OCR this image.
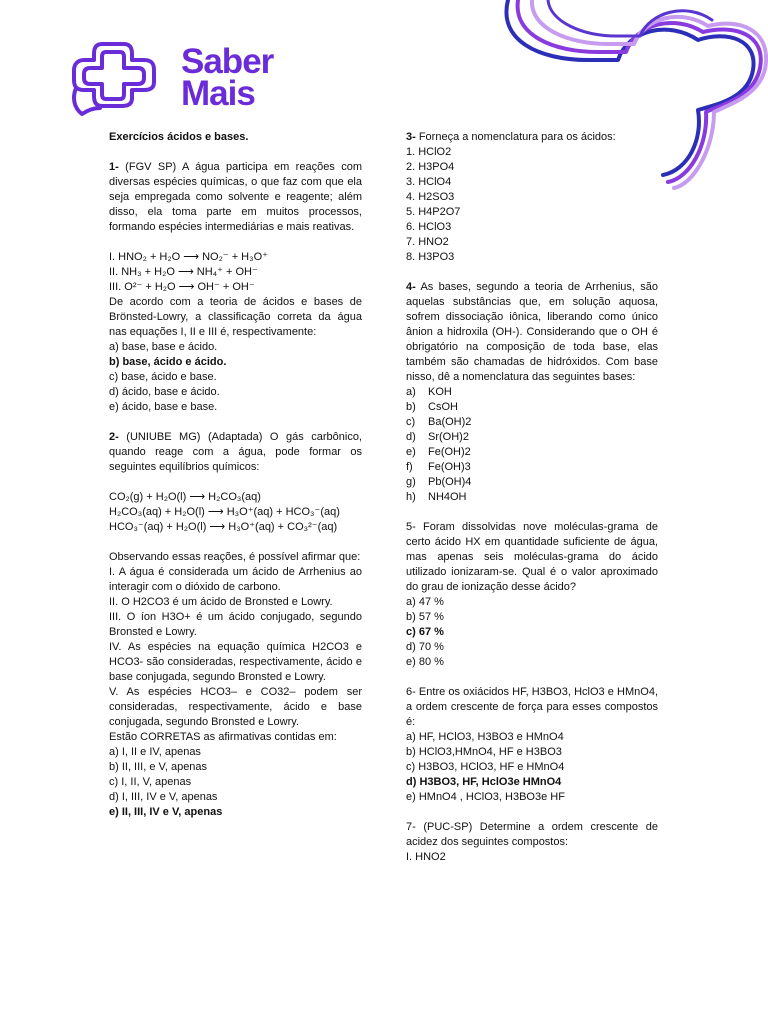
Saber
Mais
Exercícios ácidos e bases.
1- (FGV SP) A água participa em reações com diversas espécies químicas, o que faz com que ela seja empregada como solvente e reagente; além disso, ela toma parte em muitos processos, formando espécies intermediárias e mais reativas.
I. HNO₂ + H₂O ⟶ NO₂⁻ + H₃O⁺
II. NH₃ + H₂O ⟶ NH₄⁺ + OH⁻
III. O²⁻ + H₂O ⟶ OH⁻ + OH⁻
De acordo com a teoria de ácidos e bases de Brönsted-Lowry, a classificação correta da água nas equações I, II e III é, respectivamente:
a) base, base e ácido.
b) base, ácido e ácido.
c) base, ácido e base.
d) ácido, base e ácido.
e) ácido, base e base.
2- (UNIUBE MG) (Adaptada) O gás carbônico, quando reage com a água, pode formar os seguintes equilíbrios químicos:
CO₂(g) + H₂O(l) ⟶ H₂CO₃(aq)
H₂CO₃(aq) + H₂O(l) ⟶ H₃O⁺(aq) + HCO₃⁻(aq)
HCO₃⁻(aq) + H₂O(l) ⟶ H₃O⁺(aq) + CO₃²⁻(aq)
Observando essas reações, é possível afirmar que:
I. A água é considerada um ácido de Arrhenius ao interagir com o dióxido de carbono.
II. O H2CO3 é um ácido de Bronsted e Lowry.
III. O íon H3O+ é um ácido conjugado, segundo Bronsted e Lowry.
IV. As espécies na equação química H2CO3 e HCO3- são consideradas, respectivamente, ácido e base conjugada, segundo Bronsted e Lowry.
V. As espécies HCO3– e CO32– podem ser consideradas, respectivamente, ácido e base conjugada, segundo Bronsted e Lowry.
Estão CORRETAS as afirmativas contidas em:
a) I, II e IV, apenas
b) II, III, e V, apenas
c) I, II, V, apenas
d) I, III, IV e V, apenas
e) II, III, IV e V, apenas
3- Forneça a nomenclatura para os ácidos:
1. HClO2
2. H3PO4
3. HClO4
4. H2SO3
5. H4P2O7
6. HClO3
7. HNO2
8. H3PO3
4- As bases, segundo a teoria de Arrhenius, são aquelas substâncias que, em solução aquosa, sofrem dissociação iônica, liberando como único ânion a hidroxila (OH-). Considerando que o OH é obrigatório na composição de toda base, elas também são chamadas de hidróxidos. Com base nisso, dê a nomenclatura das seguintes bases:
a)	KOH
b)	CsOH
c)	Ba(OH)2
d)	Sr(OH)2
e)	Fe(OH)2
f)	Fe(OH)3
g)	Pb(OH)4
h)	NH4OH
5- Foram dissolvidas nove moléculas-grama de certo ácido HX em quantidade suficiente de água, mas apenas seis moléculas-grama do ácido utilizado ionizaram-se. Qual é o valor aproximado do grau de ionização desse ácido?
a) 47 %
b) 57 %
c) 67 %
d) 70 %
e) 80 %
6- Entre os oxiácidos HF, H3BO3, HclO3 e HMnO4, a ordem crescente de força para esses compostos é:
a) HF, HClO3, H3BO3 e HMnO4
b) HClO3,HMnO4, HF e H3BO3
c) H3BO3, HClO3, HF e HMnO4
d) H3BO3, HF, HclO3e HMnO4
e) HMnO4 , HClO3, H3BO3e HF
7- (PUC-SP) Determine a ordem crescente de acidez dos seguintes compostos:
I. HNO2
